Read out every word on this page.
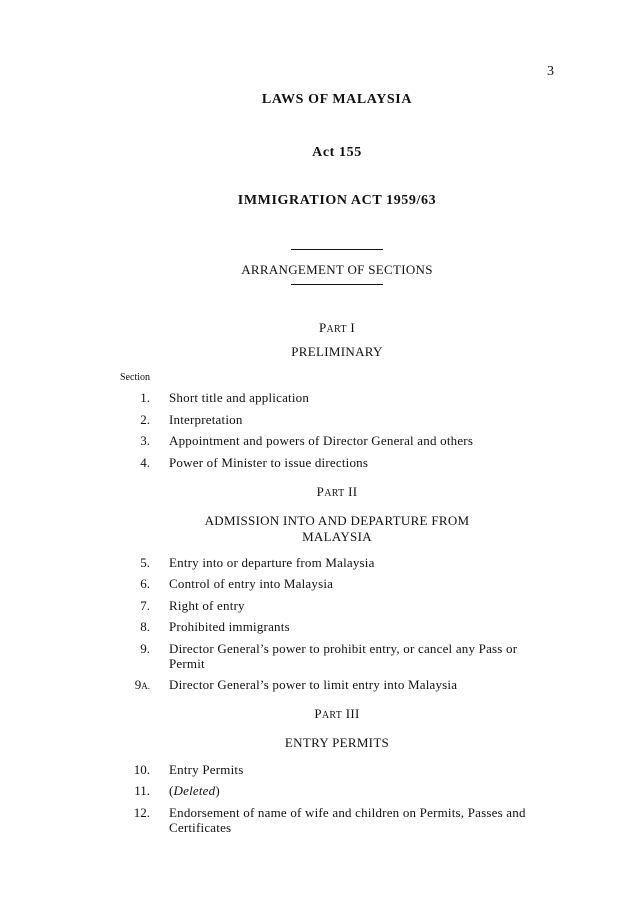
3
LAWS OF MALAYSIA
Act 155
IMMIGRATION ACT 1959/63
ARRANGEMENT OF SECTIONS
PART I
PRELIMINARY
Section
1. Short title and application
2. Interpretation
3. Appointment and powers of Director General and others
4. Power of Minister to issue directions
PART II
ADMISSION INTO AND DEPARTURE FROM
MALAYSIA
5. Entry into or departure from Malaysia
6. Control of entry into Malaysia
7. Right of entry
8. Prohibited immigrants
9. Director General’s power to prohibit entry, or cancel any Pass or
Permit
9A. Director General’s power to limit entry into Malaysia
PART III
ENTRY PERMITS
10. Entry Permits
11. (Deleted)
12. Endorsement of name of wife and children on Permits, Passes and
Certificates
